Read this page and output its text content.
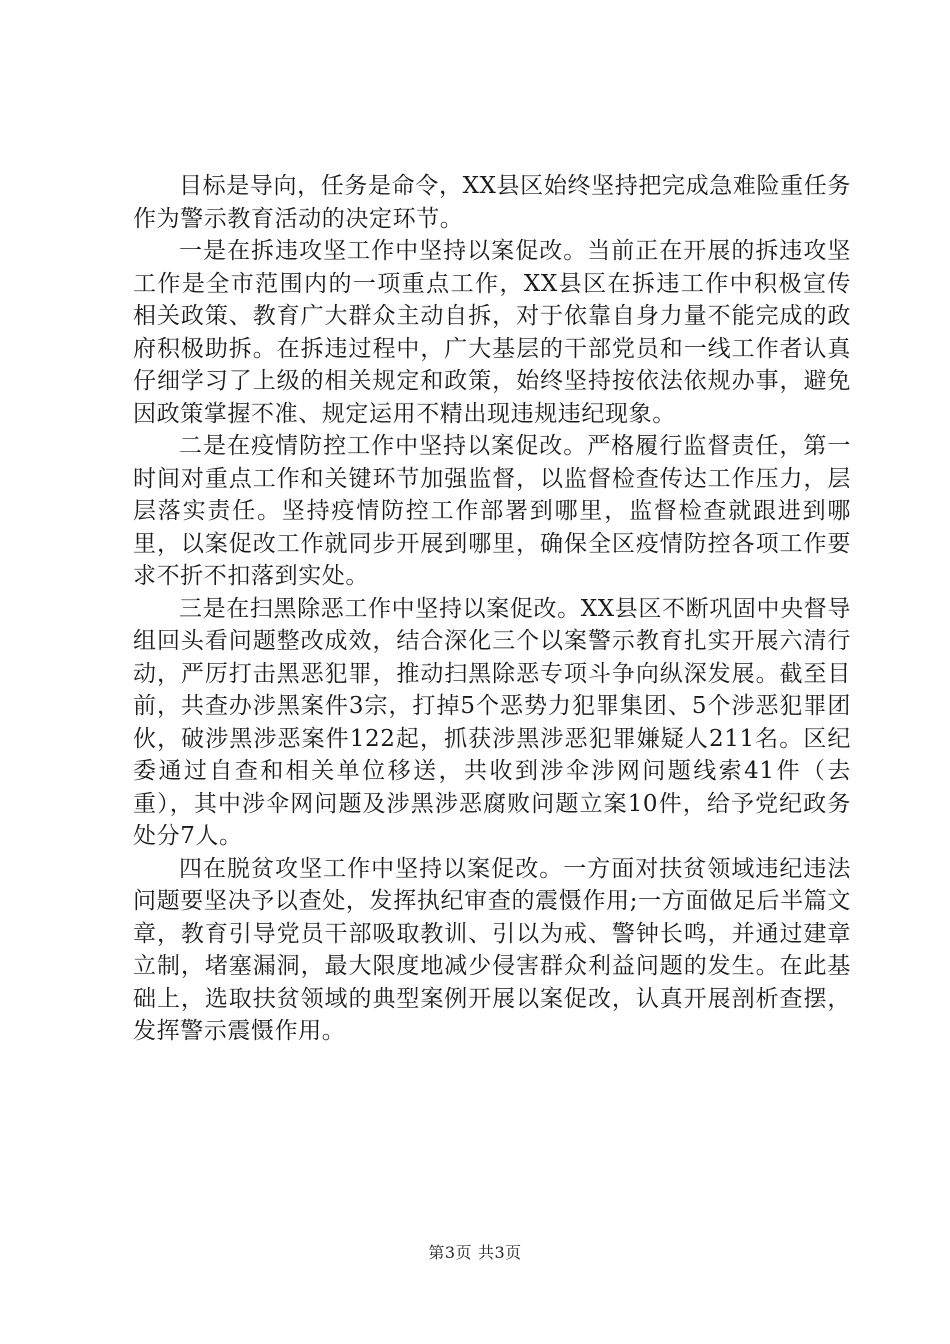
目标是导向，任务是命令，XX县区始终坚持把完成急难险重任务作为警示教育活动的决定环节。

一是在拆违攻坚工作中坚持以案促改。当前正在开展的拆违攻坚工作是全市范围内的一项重点工作，XX县区在拆违工作中积极宣传相关政策、教育广大群众主动自拆，对于依靠自身力量不能完成的政府积极助拆。在拆违过程中，广大基层的干部党员和一线工作者认真仔细学习了上级的相关规定和政策，始终坚持按依法依规办事，避免因政策掌握不准、规定运用不精出现违规违纪现象。

二是在疫情防控工作中坚持以案促改。严格履行监督责任，第一时间对重点工作和关键环节加强监督，以监督检查传达工作压力，层层落实责任。坚持疫情防控工作部署到哪里，监督检查就跟进到哪里，以案促改工作就同步开展到哪里，确保全区疫情防控各项工作要求不折不扣落到实处。

三是在扫黑除恶工作中坚持以案促改。XX县区不断巩固中央督导组回头看问题整改成效，结合深化三个以案警示教育扎实开展六清行动，严厉打击黑恶犯罪，推动扫黑除恶专项斗争向纵深发展。截至目前，共查办涉黑案件3宗，打掉5个恶势力犯罪集团、5个涉恶犯罪团伙，破涉黑涉恶案件122起，抓获涉黑涉恶犯罪嫌疑人211名。区纪委通过自查和相关单位移送，共收到涉伞涉网问题线索41件（去重），其中涉伞网问题及涉黑涉恶腐败问题立案10件，给予党纪政务处分7人。

四在脱贫攻坚工作中坚持以案促改。一方面对扶贫领域违纪违法问题要坚决予以查处，发挥执纪审查的震慑作用;一方面做足后半篇文章，教育引导党员干部吸取教训、引以为戒、警钟长鸣，并通过建章立制，堵塞漏洞，最大限度地减少侵害群众利益问题的发生。在此基础上，选取扶贫领域的典型案例开展以案促改，认真开展剖析查摆，发挥警示震慑作用。

第3页 共3页
